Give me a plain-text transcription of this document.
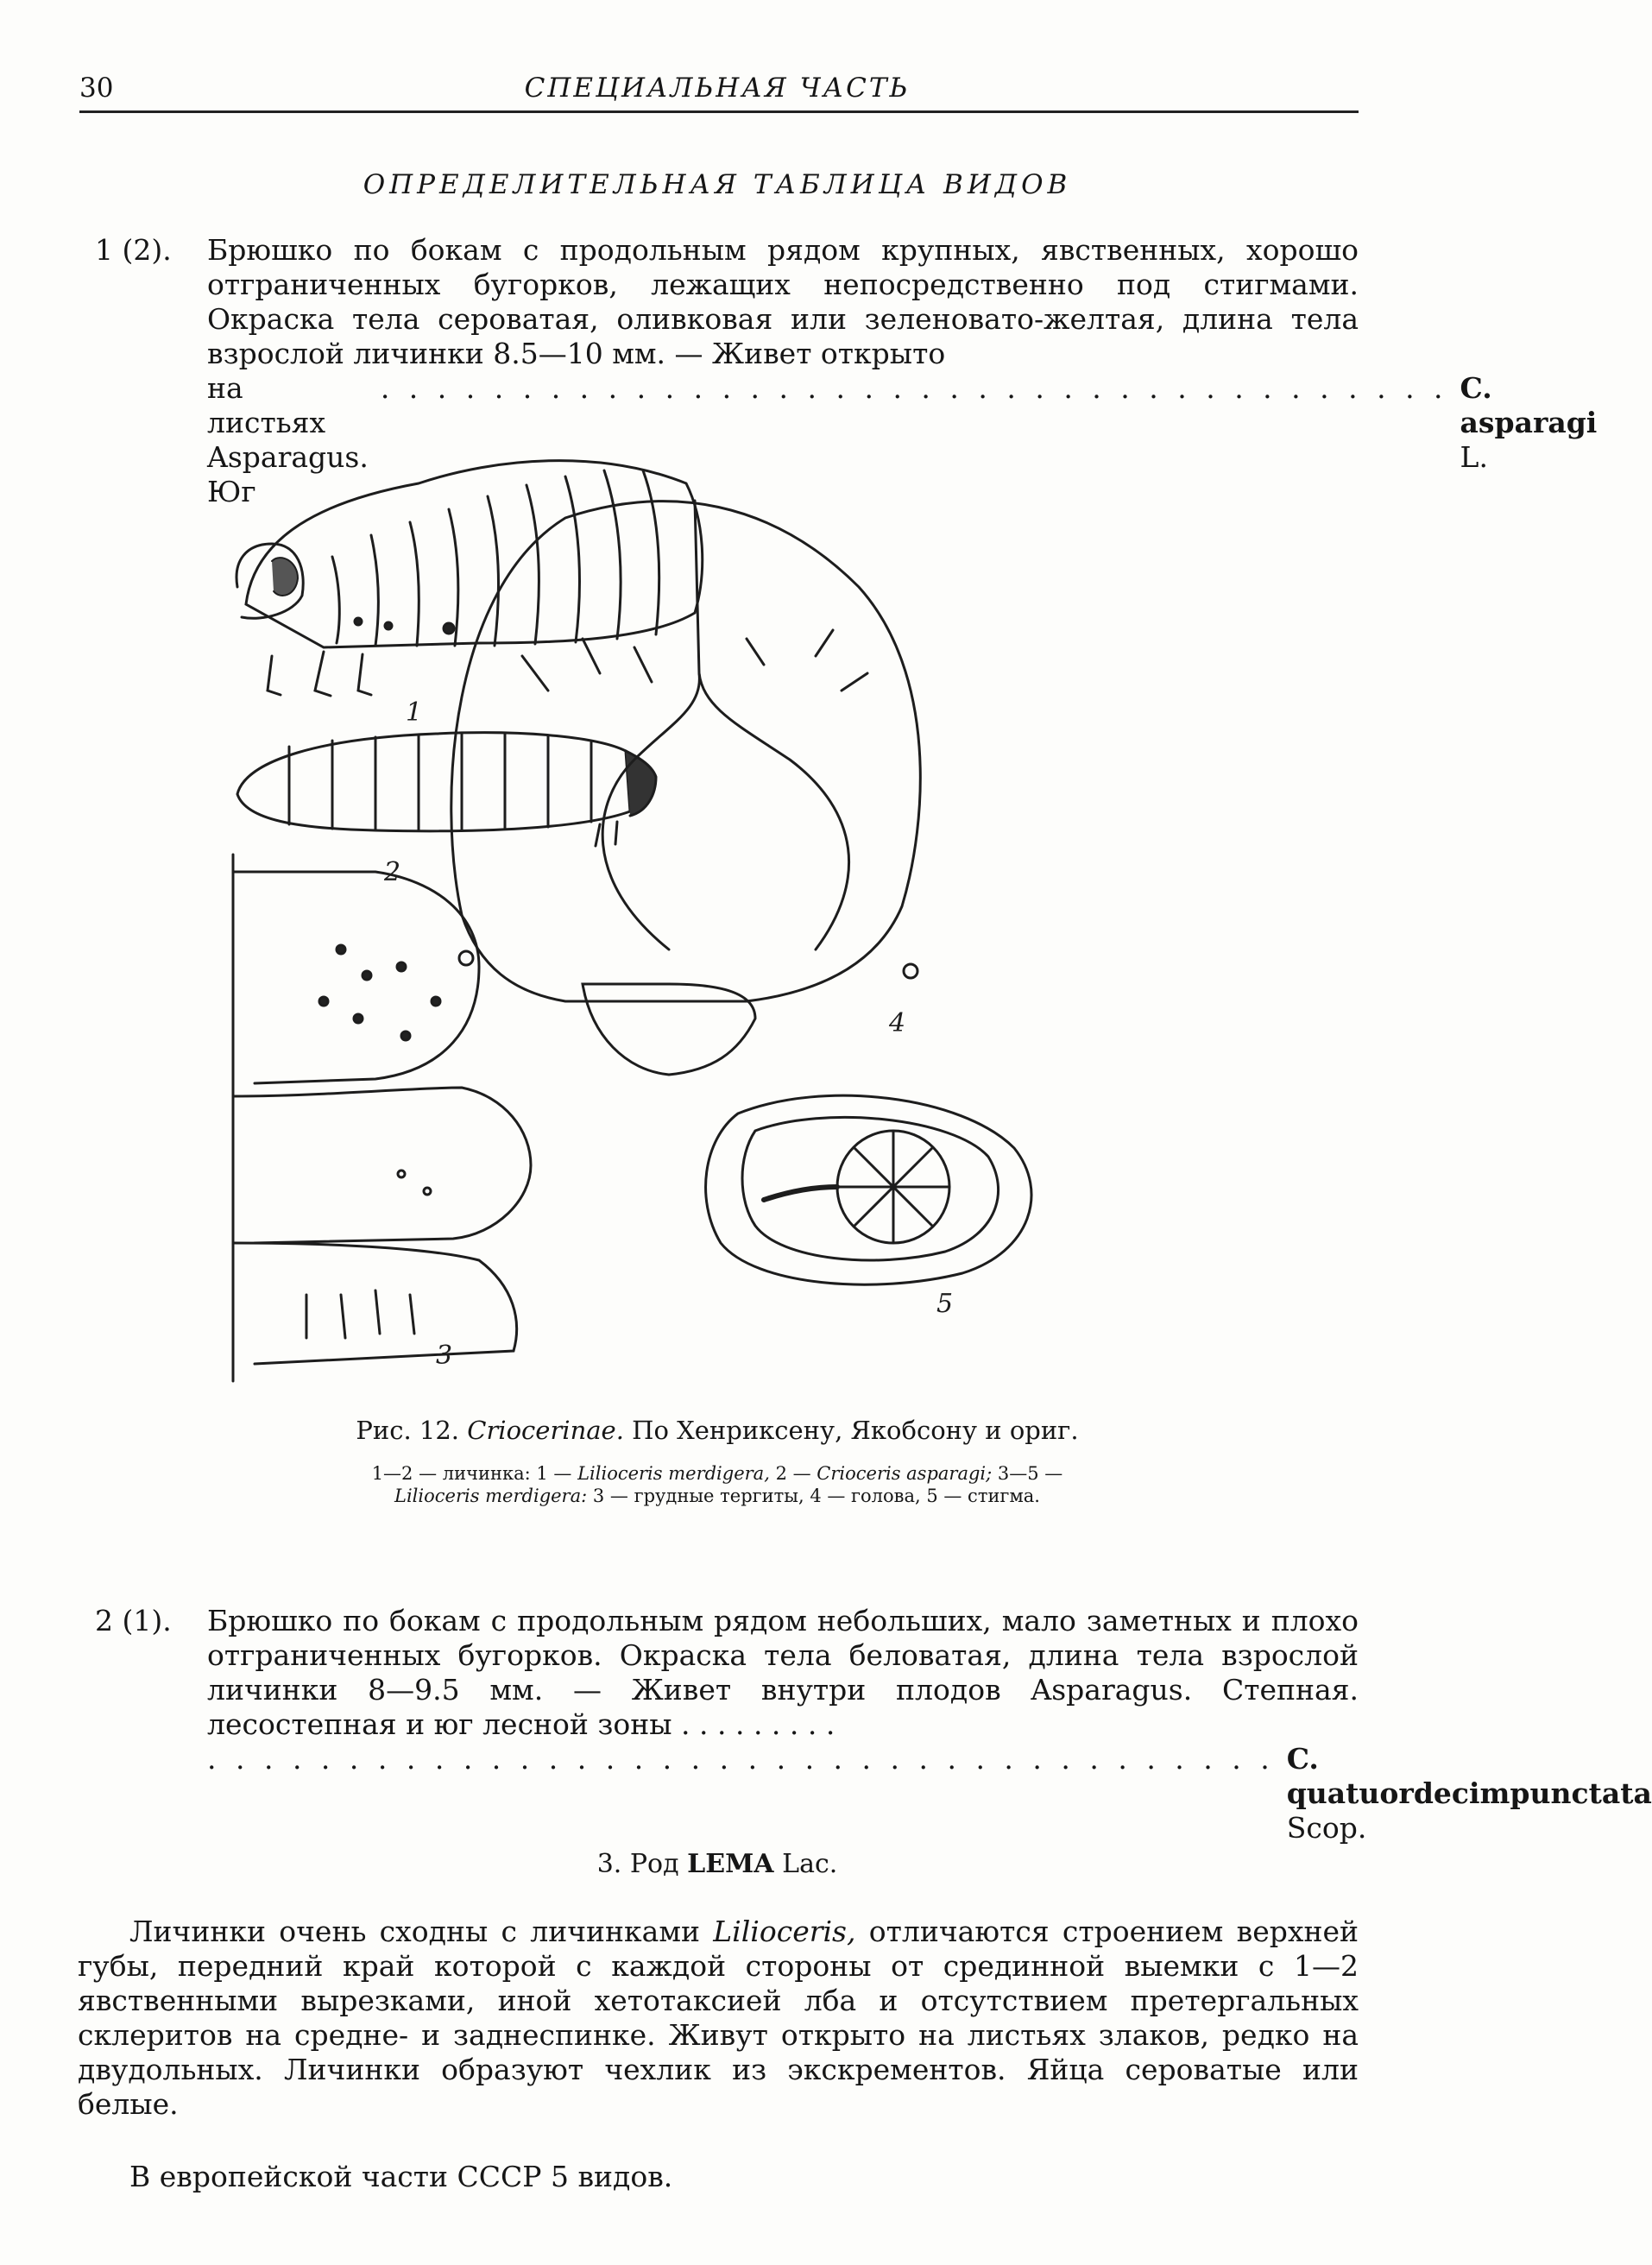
30	СПЕЦИАЛЬНАЯ ЧАСТЬ
ОПРЕДЕЛИТЕЛЬНАЯ ТАБЛИЦА ВИДОВ
1 (2).	Брюшко по бокам с продольным рядом крупных, явственных, хорошо отграниченных бугорков, лежащих непосредственно под стигмами. Окраска тела сероватая, оливковая или зеленовато-желтая, длина тела взрослой личинки 8.5—10 мм. — Живет открыто
на листьях Asparagus. Юг
. . . . . . . . . . . . . . . . . . . . . . . . . . . . . . . . . . . . . . C. asparagi L.
1
2
3
4
5
Рис. 12. Criocerinae. По Хенриксену, Якобсону и ориг.
1—2 — личинка: 1 — Lilioceris merdigera, 2 — Crioceris asparagi; 3—5 —
Lilioceris merdigera: 3 — грудные тергиты, 4 — голова, 5 — стигма.
2 (1).	Брюшко по бокам с продольным рядом небольших, мало заметных и плохо отграниченных бугорков. Окраска тела беловатая, длина тела взрослой личинки 8—9.5 мм. — Живет внутри плодов Asparagus. Степная. лесостепная и юг лесной зоны . . . . . . . . .
. . . . . . . . . . . . . . . . . . . . . . . . . . . . . . . . . . . . . . C. quatuordecimpunctata Scop.
3. Род LEMA Lac.
Личинки очень сходны с личинками Lilioceris, отличаются строением верхней губы, передний край которой с каждой стороны от срединной выемки с 1—2 явственными вырезками, иной хетотаксией лба и отсутствием претергальных склеритов на средне- и заднеспинке. Живут открыто на листьях злаков, редко на двудольных. Личинки образуют чехлик из экскрементов. Яйца сероватые или белые.
В европейской части СССР 5 видов.
